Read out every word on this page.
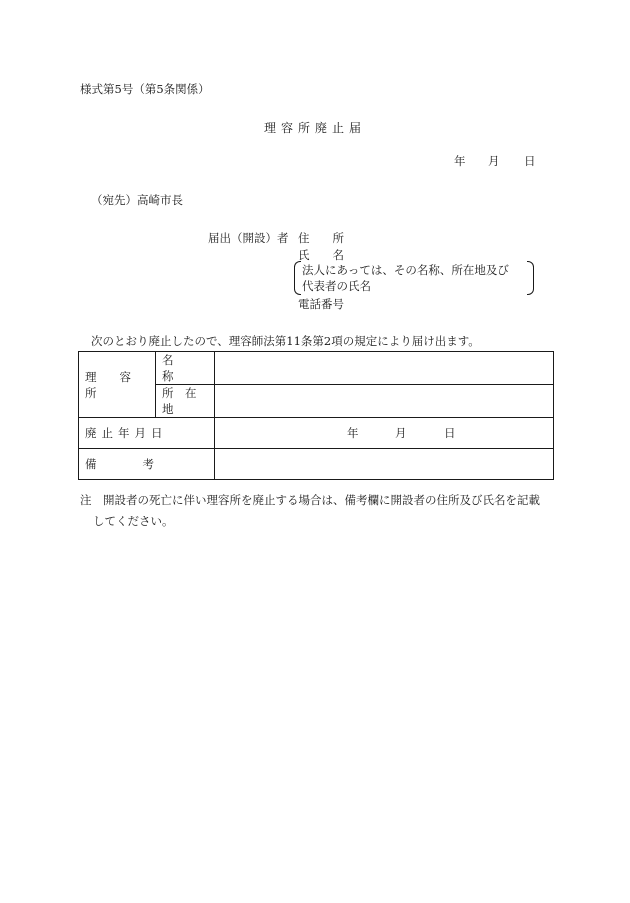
様式第5号（第5条関係）
理容所廃止届
年 月 日
（宛先）高崎市長
届出（開設）者 住　　所
氏　　名
法人にあっては、その名称、所在地及び
代表者の氏名
電話番号
次のとおり廃止したので、理容師法第11条第2項の規定により届け出ます。
理　　容　　所	名　　　称	
	所　在　地	
廃止年月日		年 月 日

備　　　　考		
注　開設者の死亡に伴い理容所を廃止する場合は、備考欄に開設者の住所及び氏名を記載
してください。
